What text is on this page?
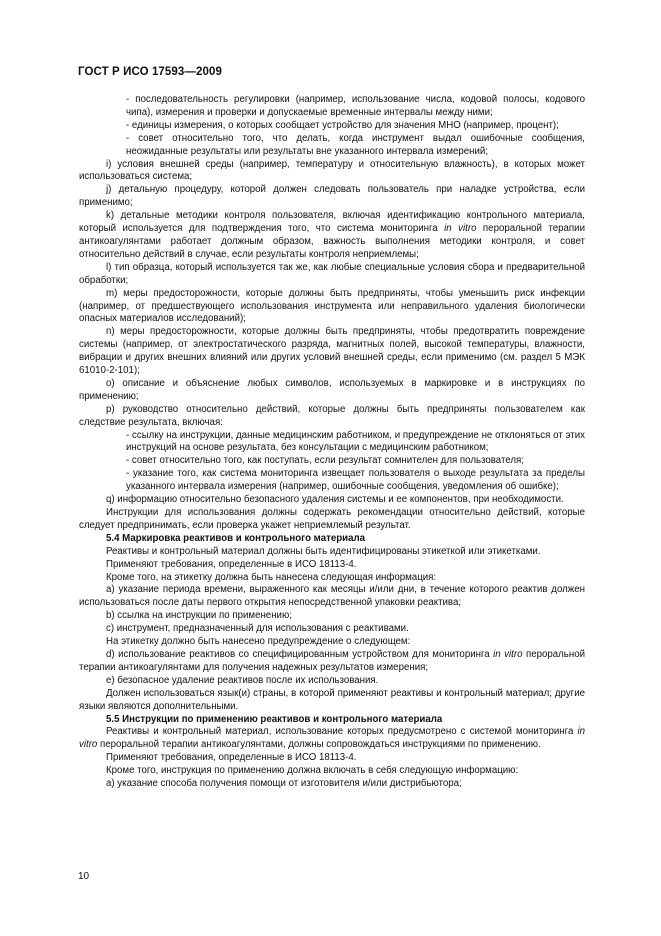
ГОСТ Р ИСО 17593—2009

- последовательность регулировки (например, использование числа, кодовой полосы, кодового чипа), измерения и проверки и допускаемые временные интервалы между ними;

- единицы измерения, о которых сообщает устройство для значения МНО (например, процент);

- совет относительно того, что делать, когда инструмент выдал ошибочные сообщения, неожиданные результаты или результаты вне указанного интервала измерений;

i) условия внешней среды (например, температуру и относительную влажность), в которых может использоваться система;

j) детальную процедуру, которой должен следовать пользователь при наладке устройства, если применимо;

k) детальные методики контроля пользователя, включая идентификацию контрольного материала, который используется для подтверждения того, что система мониторинга in vitro пероральной терапии антикоагулянтами работает должным образом, важность выполнения методики контроля, и совет относительно действий в случае, если результаты контроля неприемлемы;

l) тип образца, который используется так же, как любые специальные условия сбора и предварительной обработки;

m) меры предосторожности, которые должны быть предприняты, чтобы уменьшить риск инфекции (например, от предшествующего использования инструмента или неправильного удаления биологически опасных материалов исследований);

n) меры предосторожности, которые должны быть предприняты, чтобы предотвратить повреждение системы (например, от электростатического разряда, магнитных полей, высокой температуры, влажности, вибрации и других внешних влияний или других условий внешней среды, если применимо (см. раздел 5 МЭК 61010-2-101);

o) описание и объяснение любых символов, используемых в маркировке и в инструкциях по применению;

p) руководство относительно действий, которые должны быть предприняты пользователем как следствие результата, включая:

- ссылку на инструкции, данные медицинским работником, и предупреждение не отклоняться от этих инструкций на основе результата, без консультации с медицинским работником;

- совет относительно того, как поступать, если результат сомнителен для пользователя;

- указание того, как система мониторинга извещает пользователя о выходе результата за пределы указанного интервала измерения (например, ошибочные сообщения, уведомления об ошибке);

q) информацию относительно безопасного удаления системы и ее компонентов, при необходимости.

Инструкции для использования должны содержать рекомендации относительно действий, которые следует предпринимать, если проверка укажет неприемлемый результат.

5.4 Маркировка реактивов и контрольного материала

Реактивы и контрольный материал должны быть идентифицированы этикеткой или этикетками.

Применяют требования, определенные в ИСО 18113-4.

Кроме того, на этикетку должна быть нанесена следующая информация:

a) указание периода времени, выраженного как месяцы и/или дни, в течение которого реактив должен использоваться после даты первого открытия непосредственной упаковки реактива;

b) ссылка на инструкции по применению;

c) инструмент, предназначенный для использования с реактивами.

На этикетку должно быть нанесено предупреждение о следующем:

d) использование реактивов со специфицированным устройством для мониторинга in vitro пероральной терапии антикоагулянтами для получения надежных результатов измерения;

e) безопасное удаление реактивов после их использования.

Должен использоваться язык(и) страны, в которой применяют реактивы и контрольный материал; другие языки являются дополнительными.

5.5 Инструкции по применению реактивов и контрольного материала

Реактивы и контрольный материал, использование которых предусмотрено с системой мониторинга in vitro пероральной терапии антикоагулянтами, должны сопровождаться инструкциями по применению.

Применяют требования, определенные в ИСО 18113-4.

Кроме того, инструкция по применению должна включать в себя следующую информацию:

a) указание способа получения помощи от изготовителя и/или дистрибьютора;

10
